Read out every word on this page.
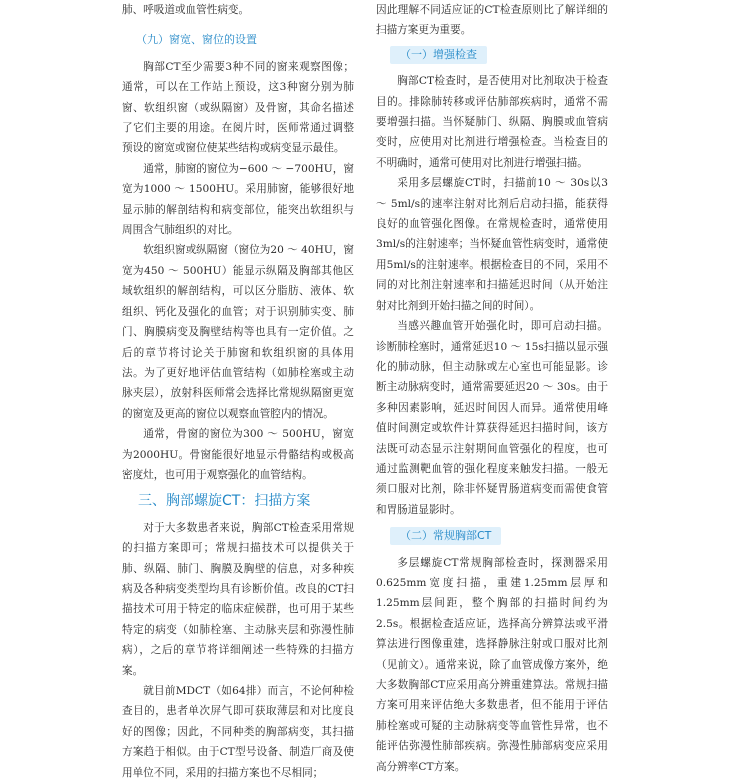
肺、呼吸道或血管性病变。

（九）窗宽、窗位的设置

胸部CT至少需要3种不同的窗来观察图像；通常，可以在工作站上预设，这3种窗分别为肺窗、软组织窗（或纵隔窗）及骨窗，其命名描述了它们主要的用途。在阅片时，医师常通过调整预设的窗宽或窗位使某些结构或病变显示最佳。

通常，肺窗的窗位为−600 ～ −700HU，窗宽为1000 ～ 1500HU。采用肺窗，能够很好地显示肺的解剖结构和病变部位，能突出软组织与周围含气肺组织的对比。

软组织窗或纵隔窗（窗位为20 ～ 40HU，窗宽为450 ～ 500HU）能显示纵隔及胸部其他区域软组织的解剖结构，可以区分脂肪、液体、软组织、钙化及强化的血管；对于识别肺实变、肺门、胸膜病变及胸壁结构等也具有一定价值。之后的章节将讨论关于肺窗和软组织窗的具体用法。为了更好地评估血管结构（如肺栓塞或主动脉夹层），放射科医师常会选择比常规纵隔窗更宽的窗宽及更高的窗位以观察血管腔内的情况。

通常，骨窗的窗位为300 ～ 500HU，窗宽为2000HU。骨窗能很好地显示骨骼结构或极高密度灶，也可用于观察强化的血管结构。

三、胸部螺旋CT：扫描方案

对于大多数患者来说，胸部CT检查采用常规的扫描方案即可；常规扫描技术可以提供关于肺、纵隔、肺门、胸膜及胸壁的信息，对多种疾病及各种病变类型均具有诊断价值。改良的CT扫描技术可用于特定的临床症候群，也可用于某些特定的病变（如肺栓塞、主动脉夹层和弥漫性肺病），之后的章节将详细阐述一些特殊的扫描方案。

就目前MDCT（如64排）而言，不论何种检查目的，患者单次屏气即可获取薄层和对比度良好的图像；因此，不同种类的胸部病变，其扫描方案趋于相似。由于CT型号设备、制造厂商及使用单位不同，采用的扫描方案也不尽相同；

因此理解不同适应证的CT检查原则比了解详细的扫描方案更为重要。

（一）增强检查

胸部CT检查时，是否使用对比剂取决于检查目的。排除肺转移或评估肺部疾病时，通常不需要增强扫描。当怀疑肺门、纵隔、胸膜或血管病变时，应使用对比剂进行增强检查。当检查目的不明确时，通常可使用对比剂进行增强扫描。

采用多层螺旋CT时，扫描前10 ～ 30s以3 ～ 5ml/s的速率注射对比剂后启动扫描，能获得良好的血管强化图像。在常规检查时，通常使用3ml/s的注射速率；当怀疑血管性病变时，通常使用5ml/s的注射速率。根据检查目的不同，采用不同的对比剂注射速率和扫描延迟时间（从开始注射对比剂到开始扫描之间的时间）。

当感兴趣血管开始强化时，即可启动扫描。诊断肺栓塞时，通常延迟10 ～ 15s扫描以显示强化的肺动脉，但主动脉或左心室也可能显影。诊断主动脉病变时，通常需要延迟20 ～ 30s。由于多种因素影响，延迟时间因人而异。通常使用峰值时间测定或软件计算获得延迟扫描时间，该方法既可动态显示注射期间血管强化的程度，也可通过监测靶血管的强化程度来触发扫描。一般无须口服对比剂，除非怀疑胃肠道病变而需使食管和胃肠道显影时。

（二）常规胸部CT

多层螺旋CT常规胸部检查时，探测器采用0.625mm宽度扫描，重建1.25mm层厚和1.25mm层间距，整个胸部的扫描时间约为2.5s。根据检查适应证，选择高分辨算法或平滑算法进行图像重建，选择静脉注射或口服对比剂（见前文）。通常来说，除了血管成像方案外，绝大多数胸部CT应采用高分辨重建算法。常规扫描方案可用来评估绝大多数患者，但不能用于评估肺栓塞或可疑的主动脉病变等血管性异常，也不能评估弥漫性肺部疾病。弥漫性肺部病变应采用高分辨率CT方案。
